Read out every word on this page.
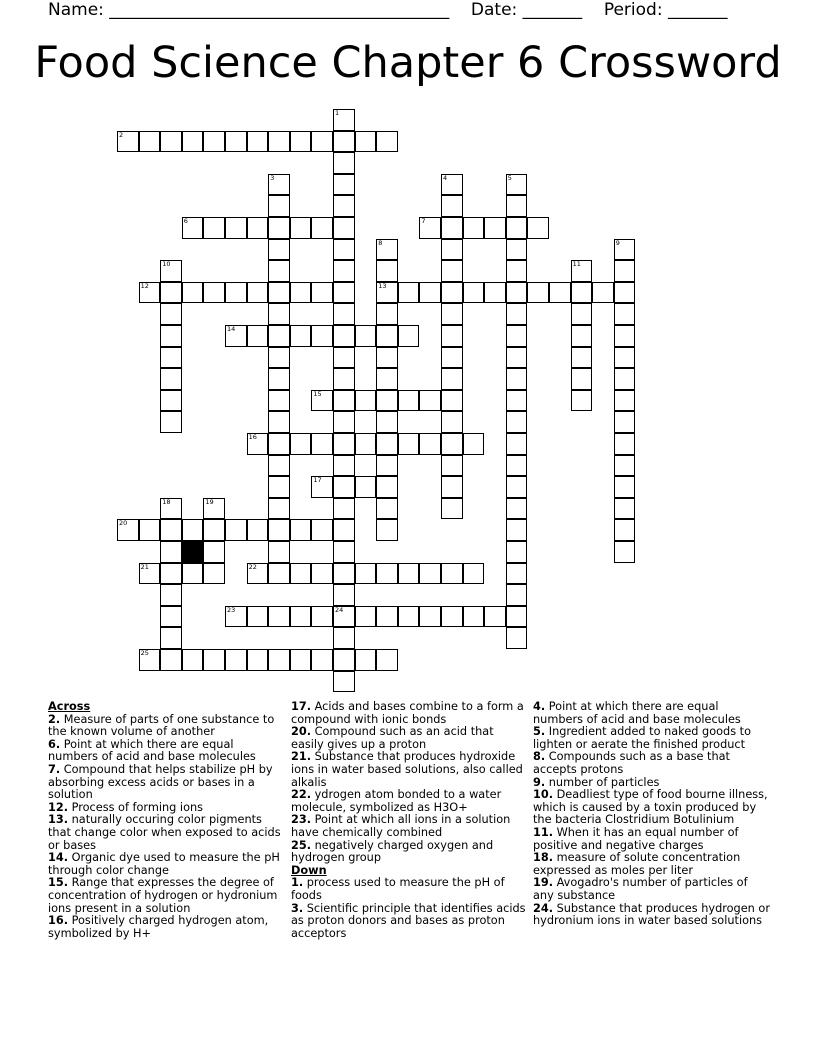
Name: ________________________________________ Date: _______ Period: _______
Food Science Chapter 6 Crossword
1
24
2
3	4	5
6	7
8
13
9
10	11
12
14
15
16
17
18	19
20
21	22
23
25
Across
2. Measure of parts of one substance to the known volume of another
6. Point at which there are equal numbers of acid and base molecules
7. Compound that helps stabilize pH by absorbing excess acids or bases in a solution
12. Process of forming ions
13. naturally occuring color pigments that change color when exposed to acids or bases
14. Organic dye used to measure the pH through color change
15. Range that expresses the degree of concentration of hydrogen or hydronium ions present in a solution
16. Positively charged hydrogen atom, symbolized by H+
17. Acids and bases combine to a form a compound with ionic bonds
20. Compound such as an acid that easily gives up a proton
21. Substance that produces hydroxide ions in water based solutions, also called alkalis
22. ydrogen atom bonded to a water molecule, symbolized as H3O+
23. Point at which all ions in a solution have chemically combined
25. negatively charged oxygen and hydrogen group
Down
1. process used to measure the pH of foods
3. Scientific principle that identifies acids as proton donors and bases as proton acceptors
4. Point at which there are equal numbers of acid and base molecules
5. Ingredient added to naked goods to lighten or aerate the finished product
8. Compounds such as a base that accepts protons
9. number of particles
10. Deadliest type of food bourne illness, which is caused by a toxin produced by the bacteria Clostridium Botulinium
11. When it has an equal number of positive and negative charges
18. measure of solute concentration expressed as moles per liter
19. Avogadro's number of particles of any substance
24. Substance that produces hydrogen or hydronium ions in water based solutions
